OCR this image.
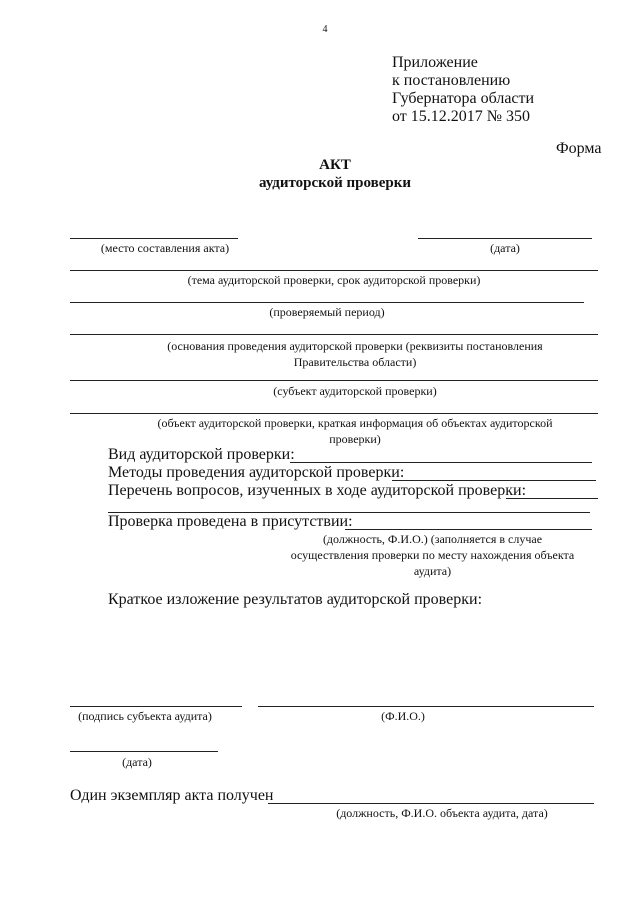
4
Приложение
к постановлению
Губернатора области
от 15.12.2017 № 350
Форма
АКТ
аудиторской проверки
(место составления акта)	(дата)
(тема аудиторской проверки, срок аудиторской проверки)
(проверяемый период)
(основания проведения аудиторской проверки (реквизиты постановления
Правительства области)
(субъект аудиторской проверки)
(объект аудиторской проверки, краткая информация об объектах аудиторской
проверки)
Вид аудиторской проверки:
Методы проведения аудиторской проверки:
Перечень вопросов, изученных в ходе аудиторской проверки:
Проверка проведена в присутствии:
(должность, Ф.И.О.) (заполняется в случае
осуществления проверки по месту нахождения объекта
аудита)
Краткое изложение результатов аудиторской проверки:
(подпись субъекта аудита)	(Ф.И.О.)
(дата)
Один экземпляр акта получен
(должность, Ф.И.О. объекта аудита, дата)
